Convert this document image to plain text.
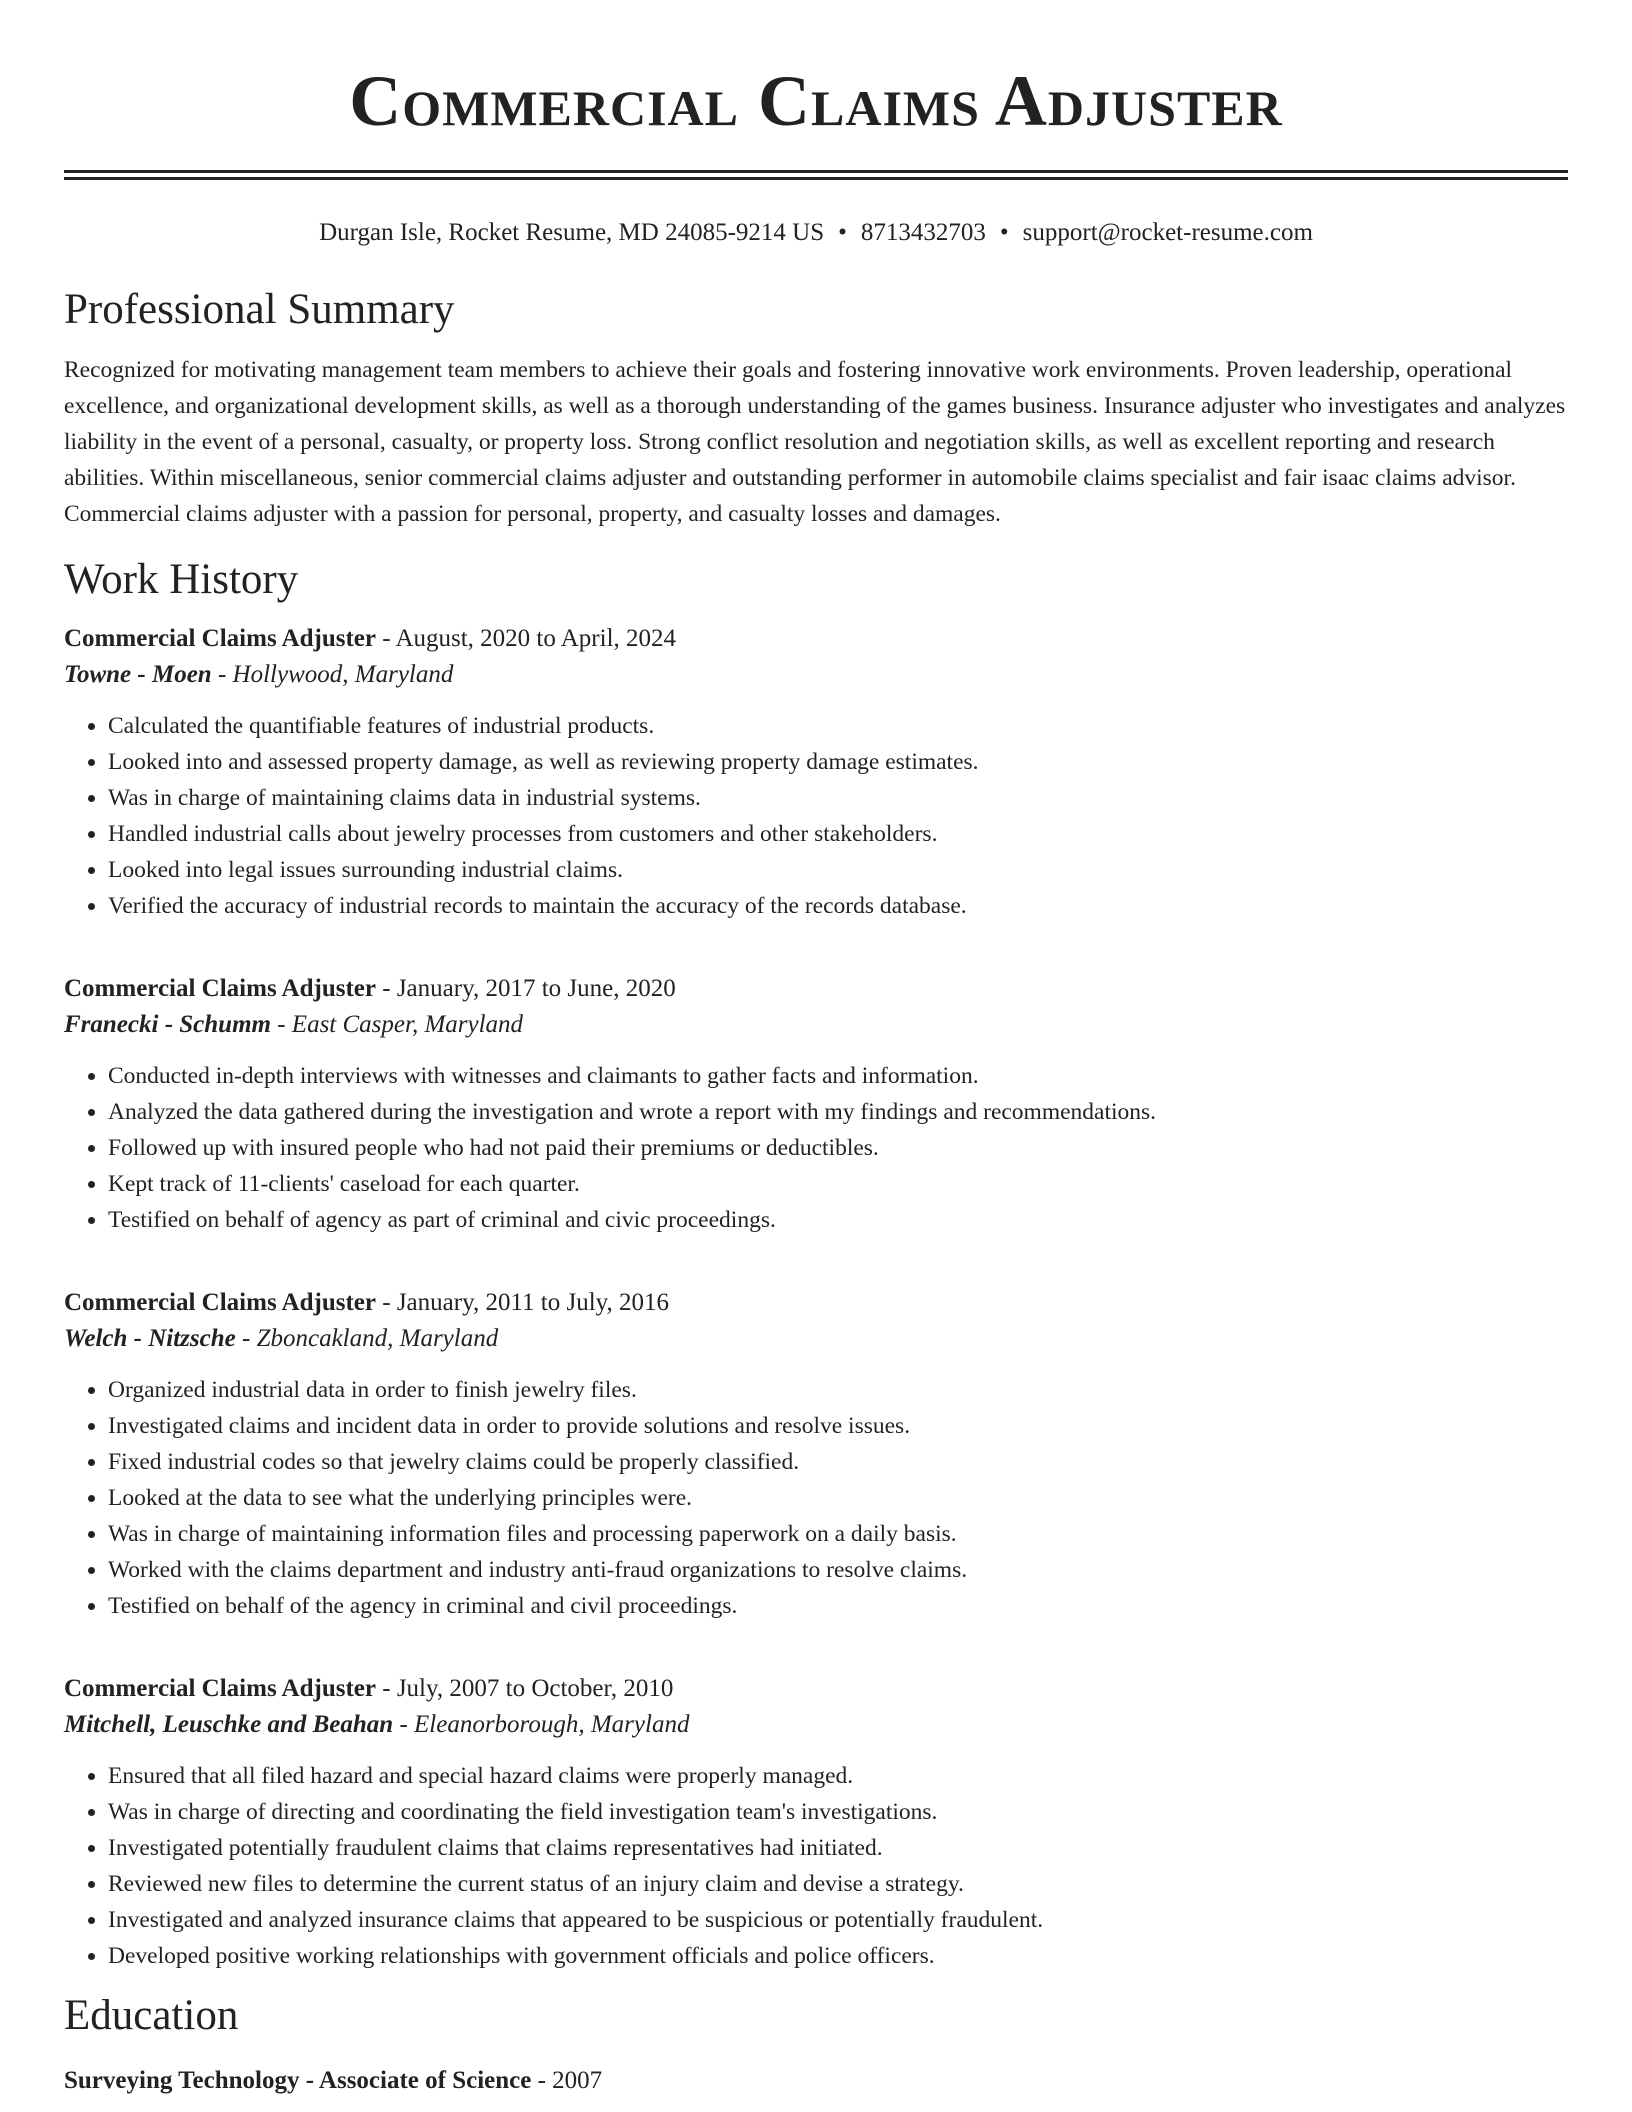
Commercial Claims Adjuster
Durgan Isle, Rocket Resume, MD 24085-9214 US • 8713432703 • support@rocket-resume.com
Professional Summary
Recognized for motivating management team members to achieve their goals and fostering innovative work environments. Proven leadership, operational excellence, and organizational development skills, as well as a thorough understanding of the games business. Insurance adjuster who investigates and analyzes liability in the event of a personal, casualty, or property loss. Strong conflict resolution and negotiation skills, as well as excellent reporting and research abilities. Within miscellaneous, senior commercial claims adjuster and outstanding performer in automobile claims specialist and fair isaac claims advisor. Commercial claims adjuster with a passion for personal, property, and casualty losses and damages.
Work History
Commercial Claims Adjuster - August, 2020 to April, 2024
Towne - Moen - Hollywood, Maryland
• Calculated the quantifiable features of industrial products.
• Looked into and assessed property damage, as well as reviewing property damage estimates.
• Was in charge of maintaining claims data in industrial systems.
• Handled industrial calls about jewelry processes from customers and other stakeholders.
• Looked into legal issues surrounding industrial claims.
• Verified the accuracy of industrial records to maintain the accuracy of the records database.
Commercial Claims Adjuster - January, 2017 to June, 2020
Franecki - Schumm - East Casper, Maryland
• Conducted in-depth interviews with witnesses and claimants to gather facts and information.
• Analyzed the data gathered during the investigation and wrote a report with my findings and recommendations.
• Followed up with insured people who had not paid their premiums or deductibles.
• Kept track of 11-clients' caseload for each quarter.
• Testified on behalf of agency as part of criminal and civic proceedings.
Commercial Claims Adjuster - January, 2011 to July, 2016
Welch - Nitzsche - Zboncakland, Maryland
• Organized industrial data in order to finish jewelry files.
• Investigated claims and incident data in order to provide solutions and resolve issues.
• Fixed industrial codes so that jewelry claims could be properly classified.
• Looked at the data to see what the underlying principles were.
• Was in charge of maintaining information files and processing paperwork on a daily basis.
• Worked with the claims department and industry anti-fraud organizations to resolve claims.
• Testified on behalf of the agency in criminal and civil proceedings.
Commercial Claims Adjuster - July, 2007 to October, 2010
Mitchell, Leuschke and Beahan - Eleanorborough, Maryland
• Ensured that all filed hazard and special hazard claims were properly managed.
• Was in charge of directing and coordinating the field investigation team's investigations.
• Investigated potentially fraudulent claims that claims representatives had initiated.
• Reviewed new files to determine the current status of an injury claim and devise a strategy.
• Investigated and analyzed insurance claims that appeared to be suspicious or potentially fraudulent.
• Developed positive working relationships with government officials and police officers.
Education
Surveying Technology - Associate of Science - 2007
